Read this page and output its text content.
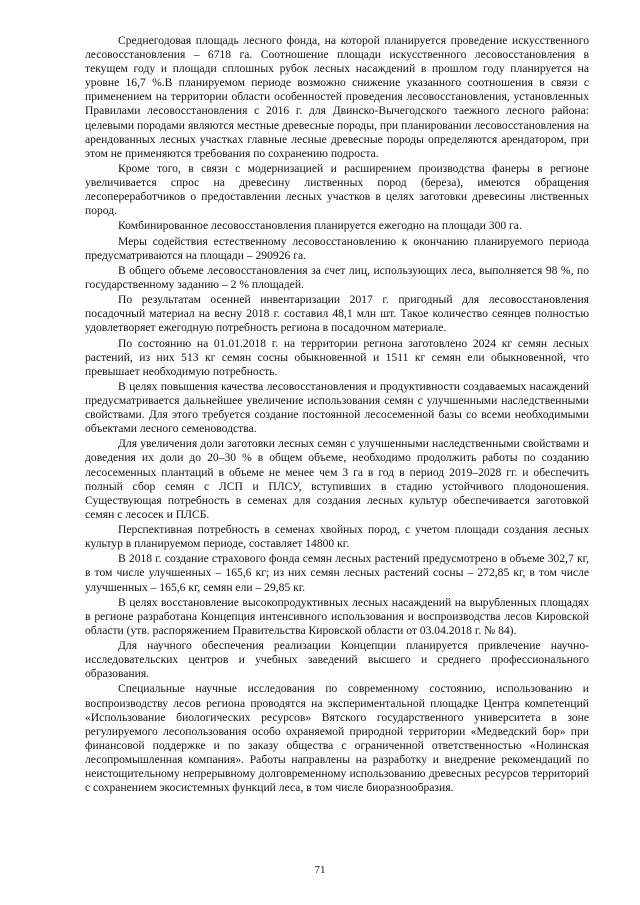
Среднегодовая площадь лесного фонда, на которой планируется проведение искусственного лесовосстановления – 6718 га. Соотношение площади искусственного лесовосстановления в текущем году и площади сплошных рубок лесных насаждений в прошлом году планируется на уровне 16,7 %.В планируемом периоде возможно снижение указанного соотношения в связи с применением на территории области особенностей проведения лесовосстановления, установленных Правилами лесовосстановления с 2016 г. для Двинско-Вычегодского таежного лесного района: целевыми породами являются местные древесные породы, при планировании лесовосстановления на арендованных лесных участках главные лесные древесные породы определяются арендатором, при этом не применяются требования по сохранению подроста.

Кроме того, в связи с модернизацией и расширением производства фанеры в регионе увеличивается спрос на древесину лиственных пород (береза), имеются обращения лесопереработчиков о предоставлении лесных участков в целях заготовки древесины лиственных пород.

Комбинированное лесовосстановления планируется ежегодно на площади 300 га.

Меры содействия естественному лесовосстановлению к окончанию планируемого периода предусматриваются на площади – 290926 га.

В общего объеме лесовосстановления за счет лиц, использующих леса, выполняется 98 %, по государственному заданию – 2 % площадей.

По результатам осенней инвентаризации 2017 г. пригодный для лесовосстановления посадочный материал на весну 2018 г. составил 48,1 млн шт. Такое количество сеянцев полностью удовлетворяет ежегодную потребность региона в посадочном материале.

По состоянию на 01.01.2018 г. на территории региона заготовлено 2024 кг семян лесных растений, из них 513 кг семян сосны обыкновенной и 1511 кг семян ели обыкновенной, что превышает необходимую потребность.

В целях повышения качества лесовосстановления и продуктивности создаваемых насаждений предусматривается дальнейшее увеличение использования семян с улучшенными наследственными свойствами. Для этого требуется создание постоянной лесосеменной базы со всеми необходимыми объектами лесного семеноводства.

Для увеличения доли заготовки лесных семян с улучшенными наследственными свойствами и доведения их доли до 20–30 % в общем объеме, необходимо продолжить работы по созданию лесосеменных плантаций в объеме не менее чем 3 га в год в период 2019–2028 гг. и обеспечить полный сбор семян с ЛСП и ПЛСУ, вступивших в стадию устойчивого плодоношения. Существующая потребность в семенах для создания лесных культур обеспечивается заготовкой семян с лесосек и ПЛСБ.

Перспективная потребность в семенах хвойных пород, с учетом площади создания лесных культур в планируемом периоде, составляет 14800 кг.

В 2018 г. создание страхового фонда семян лесных растений предусмотрено в объеме 302,7 кг, в том числе улучшенных – 165,6 кг; из них семян лесных растений сосны – 272,85 кг, в том числе улучшенных – 165,6 кг, семян ели – 29,85 кг.

В целях восстановление высокопродуктивных лесных насаждений на вырубленных площадях в регионе разработана Концепция интенсивного использования и воспроизводства лесов Кировской области (утв. распоряжением Правительства Кировской области от 03.04.2018 г. № 84).

Для научного обеспечения реализации Концепции планируется привлечение научно-исследовательских центров и учебных заведений высшего и среднего профессионального образования.

Специальные научные исследования по современному состоянию, использованию и воспроизводству лесов региона проводятся на экспериментальной площадке Центра компетенций «Использование биологических ресурсов» Вятского государственного университета в зоне регулируемого лесопользования особо охраняемой природной территории «Медведский бор» при финансовой поддержке и по заказу общества с ограниченной ответственностью «Нолинская лесопромышленная компания». Работы направлены на разработку и внедрение рекомендаций по неистощительному непрерывному долговременному использованию древесных ресурсов территорий с сохранением экосистемных функций леса, в том числе биоразнообразия.

71
